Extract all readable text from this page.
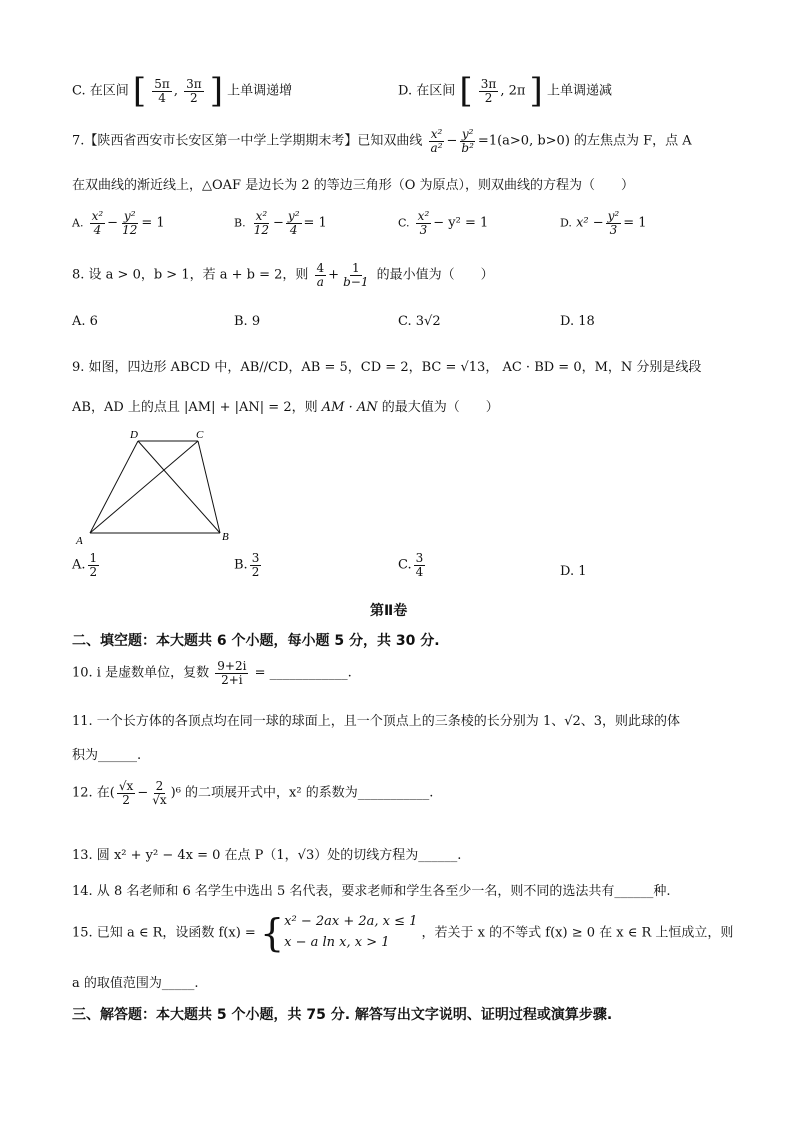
C. 在区间 [ $\frac{5\pi}{4}$ , $\frac{3\pi}{2}$ ] 上单调递增	D. 在区间 [ $\frac{3\pi}{2}$ , 2π ] 上单调递减
7.【陕西省西安市长安区第一中学上学期期末考】已知双曲线 $\frac{\text{x²}}{\text{a²}} - \frac{\text{y²}}{\text{b²}} =1(a>0$, b>0) 的左焦点为 F，点 A
在双曲线的渐近线上，△OAF 是边长为 2 的等边三角形（O 为原点），则双曲线的方程为（　　）
A. $\frac{\text{x²}}{4} - \frac{\text{y²}}{12} = 1$	B. $\frac{\text{x²}}{12} - \frac{\text{y²}}{4} = 1$	C. $\frac{\text{x²}}{3} - y^2 = 1$	D. $x^2 - \frac{\text{y²}}{3} = 1$
8. 设 a > 0，b > 1，若 a + b = 2，则 $\frac{4}{a} + \frac{1}{b-1}$ 的最小值为（　　）
A. 6	B. 9	C. 3√2	D. 18
9. 如图，四边形 ABCD 中，AB//CD，AB = 5，CD = 2，BC = √13， AC · BD = 0，M，N 分别是线段
AB，AD 上的点且 |AM| + |AN| = 2，则 AM · AN 的最大值为（　　）
D	C
A	B
A. $\frac{1}{2}$	B. $\frac{3}{2}$	C. $\frac{3}{4}$	D. 1
第Ⅱ卷
二、填空题：本大题共 6 个小题，每小题 5 分，共 30 分.
10. i 是虚数单位，复数 $\frac{9+2i}{2+i}$ = ____________.
11. 一个长方体的各顶点均在同一球的球面上，且一个顶点上的三条棱的长分别为 1、√2、3，则此球的体
积为______.
12. 在( $\frac{√x}{2} - \frac{2}{√x} )^6$ 的二项展开式中，x² 的系数为___________.
13. 圆 x² + y² − 4x = 0 在点 P（1，√3）处的切线方程为______.
14. 从 8 名老师和 6 名学生中选出 5 名代表，要求老师和学生各至少一名，则不同的选法共有______种.
15. 已知 a ∈ R，设函数 f(x) = { x² − 2ax + 2a, x ≤ 1
x − a ln x, x > 1
，若关于 x 的不等式 f(x) ≥ 0 在 x ∈ R 上恒成立，则
a 的取值范围为_____.
三、解答题：本大题共 5 个小题，共 75 分. 解答写出文字说明、证明过程或演算步骤.
